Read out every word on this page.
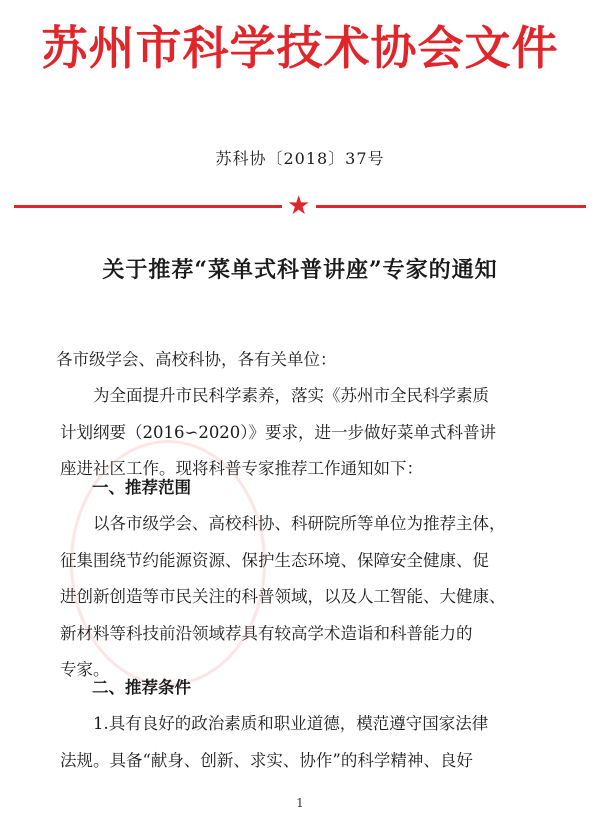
苏州市科学技术协会文件
苏科协〔2018〕37号
★
关于推荐“菜单式科普讲座”专家的通知
各市级学会、高校科协，各有关单位：
为全面提升市民科学素养，落实《苏州市全民科学素质
计划纲要（2016∽2020）》要求，进一步做好菜单式科普讲
座进社区工作。现将科普专家推荐工作通知如下：
一、推荐范围
以各市级学会、高校科协、科研院所等单位为推荐主体，
征集围绕节约能源资源、保护生态环境、保障安全健康、促
进创新创造等市民关注的科普领域，以及人工智能、大健康、
新材料等科技前沿领域荐具有较高学术造诣和科普能力的
专家。
二、推荐条件
1.具有良好的政治素质和职业道德，模范遵守国家法律
法规。具备“献身、创新、求实、协作”的科学精神、良好
1
